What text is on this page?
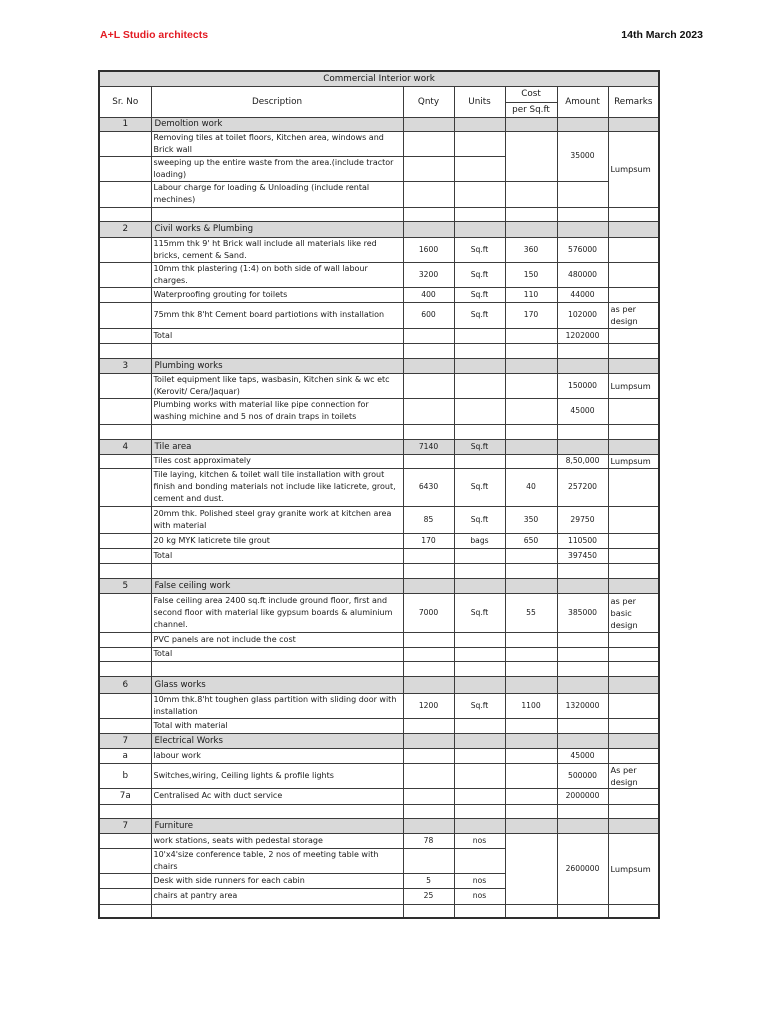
A+L Studio architects	14th March 2023
Commercial Interior work						
Sr. No	Description	Qnty	Units	Cost	Amount	Remarks
				per Sq.ft		
1	Demoltion work					
	Removing tiles at toilet floors, Kitchen area, windows and Brick wall				35000	Lumpsum
	sweeping up the entire waste from the area.(include tractor loading)					
	Labour charge for loading & Unloading (include rental mechines)					

2	Civil works & Plumbing					
	115mm thk 9' ht Brick wall include all materials like red bricks, cement & Sand.	1600	Sq.ft	360	576000	
	10mm thk plastering (1:4) on both side of wall labour charges.	3200	Sq.ft	150	480000	
	Waterproofing grouting for toilets	400	Sq.ft	110	44000	
	75mm thk 8'ht Cement board partiotions with installation	600	Sq.ft	170	102000	as per design
	Total				1202000	

3	Plumbing works					
	Toilet equipment like taps, wasbasin, Kitchen sink & wc etc (Kerovit/ Cera/Jaquar)				150000	Lumpsum
	Plumbing works with material like pipe connection for washing michine and 5 nos of drain traps in toilets				45000	

4	Tile area	7140	Sq.ft			
	Tiles cost approximately				8,50,000	Lumpsum
	Tile laying, kitchen & toilet wall tile installation with grout finish and bonding materials not include like laticrete, grout, cement and dust.	6430	Sq.ft	40	257200	
	20mm thk. Polished steel gray granite work at kitchen area with material	85	Sq.ft	350	29750	
	20 kg MYK laticrete tile grout	170	bags	650	110500	
	Total				397450	

5	False ceiling work					
	False ceiling area 2400 sq.ft include ground floor, first and second floor with material like gypsum boards & aluminium channel.	7000	Sq.ft	55	385000	as per basic design
	PVC panels are not include the cost					
	Total					

6	Glass works					
	10mm thk.8'ht toughen glass partition with sliding door with installation	1200	Sq.ft	1100	1320000	
	Total with material					
7	Electrical Works					
a	labour work				45000	
b	Switches,wiring, Ceiling lights & profile lights				500000	As per design
7a	Centralised Ac with duct service				2000000	

7	Furniture					
	work stations, seats with pedestal storage	78	nos		2600000	Lumpsum
	10'x4'size conference table, 2 nos of meeting table with chairs					
	Desk with side runners for each cabin	5	nos			
	chairs at pantry area	25	nos			
